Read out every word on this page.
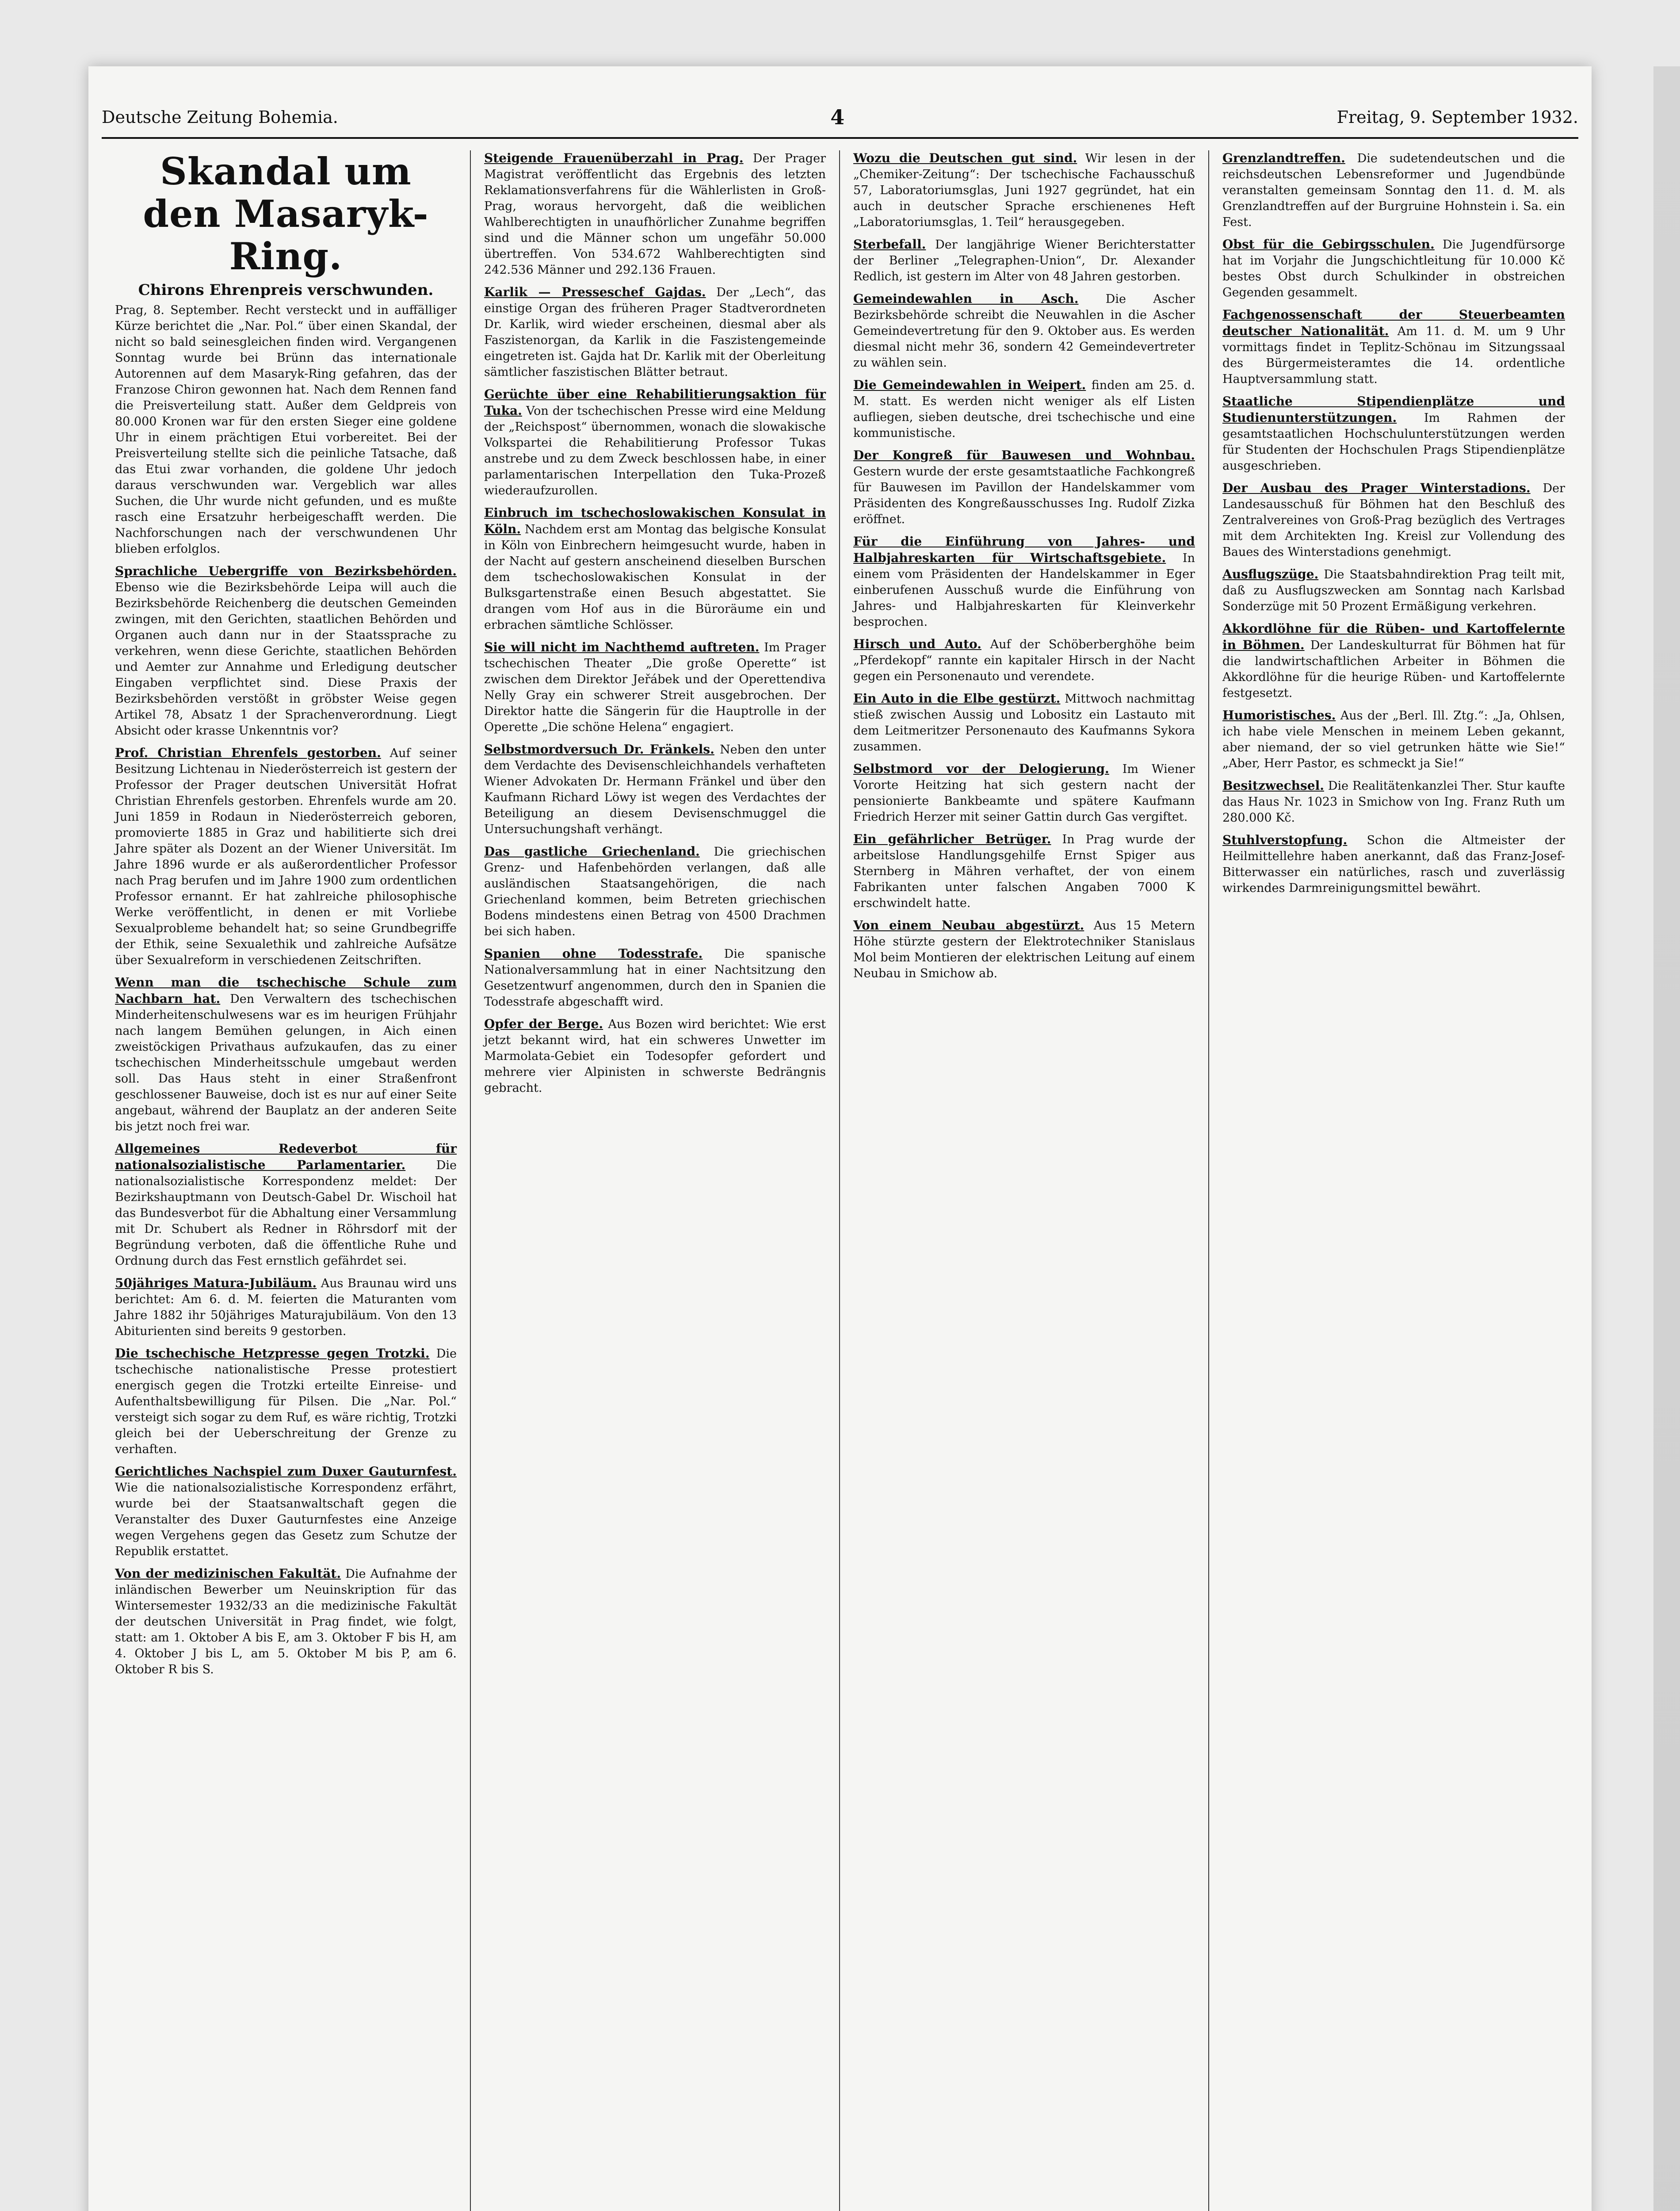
Deutsche Zeitung Bohemia.	4	Freitag, 9. September 1932.
Skandal um den Masaryk-Ring.
Chirons Ehrenpreis verschwunden.

Prag, 8. September. Recht versteckt und in auffälliger Kürze berichtet die „Nar. Pol.“ über einen Skandal, der nicht so bald seinesgleichen finden wird. Vergangenen Sonntag wurde bei Brünn das internationale Autorennen auf dem Masaryk-Ring gefahren, das der Franzose Chiron gewonnen hat. Nach dem Rennen fand die Preisverteilung statt. Außer dem Geldpreis von 80.000 Kronen war für den ersten Sieger eine goldene Uhr in einem prächtigen Etui vorbereitet. Bei der Preisverteilung stellte sich die peinliche Tatsache, daß das Etui zwar vorhanden, die goldene Uhr jedoch daraus verschwunden war. Vergeblich war alles Suchen, die Uhr wurde nicht gefunden, und es mußte rasch eine Ersatzuhr herbeigeschafft werden. Die Nachforschungen nach der verschwundenen Uhr blieben erfolglos.

Sprachliche Uebergriffe von Bezirksbehörden.

Ebenso wie die Bezirksbehörde Leipa will auch die Bezirksbehörde Reichenberg die deutschen Gemeinden zwingen, mit den Gerichten, staatlichen Behörden und Organen auch dann nur in der Staatssprache zu verkehren, wenn diese Gerichte, staatlichen Behörden und Aemter zur Annahme und Erledigung deutscher Eingaben verpflichtet sind. Diese Praxis der Bezirksbehörden verstößt in gröbster Weise gegen Artikel 78, Absatz 1 der Sprachenverordnung. Liegt Absicht oder krasse Unkenntnis vor?

Prof. Christian Ehrenfels gestorben. Auf seiner Besitzung Lichtenau in Niederösterreich ist gestern der Professor der Prager deutschen Universität Hofrat Christian Ehrenfels gestorben. Ehrenfels wurde am 20. Juni 1859 in Rodaun in Niederösterreich geboren, promovierte 1885 in Graz und habilitierte sich drei Jahre später als Dozent an der Wiener Universität. Im Jahre 1896 wurde er als außerordentlicher Professor nach Prag berufen und im Jahre 1900 zum ordentlichen Professor ernannt. Er hat zahlreiche philosophische Werke veröffentlicht, in denen er mit Vorliebe Sexualprobleme behandelt hat; so seine Grundbegriffe der Ethik, seine Sexualethik und zahlreiche Aufsätze über Sexualreform in verschiedenen Zeitschriften.

Wenn man die tschechische Schule zum Nachbarn hat. Den Verwaltern des tschechischen Minderheitenschulwesens war es im heurigen Frühjahr nach langem Bemühen gelungen, in Aich einen zweistöckigen Privathaus aufzukaufen, das zu einer tschechischen Minderheitsschule umgebaut werden soll. Das Haus steht in einer Straßenfront geschlossener Bauweise, doch ist es nur auf einer Seite angebaut, während der Bauplatz an der anderen Seite bis jetzt noch frei war.

Allgemeines Redeverbot für nationalsozialistische Parlamentarier.	Die nationalsozialistische Korrespondenz meldet: Der Bezirkshauptmann von Deutsch-Gabel Dr. Wischoil hat das Bundesverbot für die Abhaltung einer Versammlung mit Dr. Schubert als Redner in Röhrsdorf mit der Begründung verboten, daß die öffentliche Ruhe und Ordnung durch das Fest ernstlich gefährdet sei.

50jähriges Matura-Jubiläum. Aus Braunau wird uns berichtet: Am 6. d. M. feierten die Maturanten vom Jahre 1882 ihr 50jähriges Maturajubiläum. Von den 13 Abiturienten sind bereits 9 gestorben.

Die tschechische Hetzpresse gegen Trotzki. Die tschechische nationalistische Presse protestiert energisch gegen die Trotzki erteilte Einreise- und Aufenthaltsbewilligung für Pilsen. Die „Nar. Pol.“ versteigt sich sogar zu dem Ruf, es wäre richtig, Trotzki gleich bei der Ueberschreitung der Grenze zu verhaften.

Gerichtliches Nachspiel zum Duxer Gauturnfest.

Wie die nationalsozialistische Korrespondenz erfährt, wurde bei der Staatsanwaltschaft gegen die Veranstalter des Duxer Gauturnfestes eine Anzeige wegen Vergehens gegen das Gesetz zum Schutze der Republik erstattet.

Von der medizinischen Fakultät. Die Aufnahme der inländischen Bewerber um Neuinskription für das Wintersemester 1932/33 an die medizinische Fakultät der deutschen Universität in Prag findet, wie folgt, statt: am 1. Oktober A bis E, am 3. Oktober F bis H, am 4. Oktober J bis L, am 5. Oktober M bis P, am 6. Oktober R bis S.

Steigende Frauenüberzahl in Prag. Der Prager Magistrat veröffentlicht das Ergebnis des letzten Reklamationsverfahrens für die Wählerlisten in Groß-Prag, woraus hervorgeht, daß die weiblichen Wahlberechtigten in unaufhörlicher Zunahme begriffen sind und die Männer schon um ungefähr 50.000 übertreffen. Von 534.672 Wahlberechtigten sind 242.536 Männer und 292.136 Frauen.

Karlik — Presseschef Gajdas. Der „Lech“, das einstige Organ des früheren Prager Stadtverordneten Dr. Karlik, wird wieder erscheinen, diesmal aber als Faszistenorgan, da Karlik in die Faszistengemeinde eingetreten ist. Gajda hat Dr. Karlik mit der Oberleitung sämtlicher faszistischen Blätter betraut.

Gerüchte über eine Rehabilitierungsaktion für Tuka. Von der tschechischen Presse wird eine Meldung der „Reichspost“ übernommen, wonach die slowakische Volkspartei die Rehabilitierung Professor Tukas anstrebe und zu dem Zweck beschlossen habe, in einer parlamentarischen Interpellation den Tuka-Prozeß wiederaufzurollen.

Einbruch im tschechoslowakischen Konsulat in Köln. Nachdem erst am Montag das belgische Konsulat in Köln von Einbrechern heimgesucht wurde, haben in der Nacht auf gestern anscheinend dieselben Burschen dem tschechoslowakischen Konsulat in der Bulksgartenstraße einen Besuch abgestattet. Sie drangen vom Hof aus in die Büroräume ein und erbrachen sämtliche Schlösser.

Sie will nicht im Nachthemd auftreten. Im Prager tschechischen Theater „Die große Operette“ ist zwischen dem Direktor Jeřábek und der Operettendiva Nelly Gray ein schwerer Streit ausgebrochen. Der Direktor hatte die Sängerin für die Hauptrolle in der Operette „Die schöne Helena“ engagiert.

Selbstmordversuch Dr. Fränkels. Neben den unter dem Verdachte des Devisenschleichhandels verhafteten Wiener Advokaten Dr. Hermann Fränkel und über den Kaufmann Richard Löwy ist wegen des Verdachtes der Beteiligung an diesem Devisenschmuggel die Untersuchungshaft verhängt.

Das gastliche Griechenland. Die griechischen Grenz- und Hafenbehörden verlangen, daß alle ausländischen Staatsangehörigen, die nach Griechenland kommen, beim Betreten griechischen Bodens mindestens einen Betrag von 4500 Drachmen bei sich haben.

Spanien ohne Todesstrafe. Die spanische Nationalversammlung hat in einer Nachtsitzung den Gesetzentwurf angenommen, durch den in Spanien die Todesstrafe abgeschafft wird.

Opfer der Berge. Aus Bozen wird berichtet: Wie erst jetzt bekannt wird, hat ein schweres Unwetter im Marmolata-Gebiet ein Todesopfer gefordert und mehrere vier Alpinisten in schwerste Bedrängnis gebracht.

Wozu die Deutschen gut sind. Wir lesen in der „Chemiker-Zeitung“: Der tschechische Fachausschuß 57, Laboratoriumsglas, Juni 1927 gegründet, hat ein auch in deutscher Sprache erschienenes Heft „Laboratoriumsglas, 1. Teil“ herausgegeben.

Sterbefall. Der langjährige Wiener Berichterstatter der Berliner „Telegraphen-Union“, Dr. Alexander Redlich, ist gestern im Alter von 48 Jahren gestorben.

Gemeindewahlen in Asch. Die Ascher Bezirksbehörde schreibt die Neuwahlen in die Ascher Gemeindevertretung für den 9. Oktober aus. Es werden diesmal nicht mehr 36, sondern 42 Gemeindevertreter zu wählen sein.

Die Gemeindewahlen in Weipert. finden am 25. d. M. statt. Es werden nicht weniger als elf Listen aufliegen, sieben deutsche, drei tschechische und eine kommunistische.

Der Kongreß für Bauwesen und Wohnbau.

Gestern wurde der erste gesamtstaatliche Fachkongreß für Bauwesen im Pavillon der Handelskammer vom Präsidenten des Kongreßausschusses Ing. Rudolf Zizka eröffnet.

Für die Einführung von Jahres- und Halbjahreskarten für Wirtschaftsgebiete. In einem vom Präsidenten der Handelskammer in Eger einberufenen Ausschuß wurde die Einführung von Jahres- und Halbjahreskarten für Kleinverkehr besprochen.

Hirsch und Auto. Auf der Schöberberghöhe beim „Pferdekopf“ rannte ein kapitaler Hirsch in der Nacht gegen ein Personenauto und verendete.

Ein Auto in die Elbe gestürzt. Mittwoch nachmittag stieß zwischen Aussig und Lobositz ein Lastauto mit dem Leitmeritzer Personenauto des Kaufmanns Sykora zusammen.

Selbstmord vor der Delogierung. Im Wiener Vororte Heitzing hat sich gestern nacht der pensionierte Bankbeamte und spätere Kaufmann Friedrich Herzer mit seiner Gattin durch Gas vergiftet.

Ein gefährlicher Betrüger. In Prag wurde der arbeitslose Handlungsgehilfe Ernst Spiger aus Sternberg in Mähren verhaftet, der von einem Fabrikanten unter falschen Angaben 7000 K erschwindelt hatte.

Von einem Neubau abgestürzt. Aus 15 Metern Höhe stürzte gestern der Elektrotechniker Stanislaus Mol beim Montieren der elektrischen Leitung auf einem Neubau in Smichow ab.

Grenzlandtreffen. Die sudetendeutschen und die reichsdeutschen Lebensreformer und Jugendbünde veranstalten gemeinsam Sonntag den 11. d. M. als Grenzlandtreffen auf der Burgruine Hohnstein i. Sa. ein Fest.

Obst für die Gebirgsschulen. Die Jugendfürsorge hat im Vorjahr die Jungschichtleitung für 10.000 Kč bestes Obst durch Schulkinder in obstreichen Gegenden gesammelt.

Fachgenossenschaft der Steuerbeamten deutscher Nationalität. Am 11. d. M. um 9 Uhr vormittags findet in Teplitz-Schönau im Sitzungssaal des Bürgermeisteramtes die 14. ordentliche Hauptversammlung statt.

Staatliche Stipendienplätze und Studienunterstützungen. Im Rahmen der gesamtstaatlichen Hochschulunterstützungen werden für Studenten der Hochschulen Prags Stipendienplätze ausgeschrieben.

Der Ausbau des Prager Winterstadions. Der Landesausschuß für Böhmen hat den Beschluß des Zentralvereines von Groß-Prag bezüglich des Vertrages mit dem Architekten Ing. Kreisl zur Vollendung des Baues des Winterstadions genehmigt.

Ausflugszüge. Die Staatsbahndirektion Prag teilt mit, daß zu Ausflugszwecken am Sonntag nach Karlsbad Sonderzüge mit 50 Prozent Ermäßigung verkehren.

Akkordlöhne für die Rüben- und Kartoffelernte in Böhmen. Der Landeskulturrat für Böhmen hat für die landwirtschaftlichen Arbeiter in Böhmen die Akkordlöhne für die heurige Rüben- und Kartoffelernte festgesetzt.

Humoristisches. Aus der „Berl. Ill. Ztg.“: „Ja, Ohlsen, ich habe viele Menschen in meinem Leben gekannt, aber niemand, der so viel getrunken hätte wie Sie!“ „Aber, Herr Pastor, es schmeckt ja Sie!“

Besitzwechsel. Die Realitätenkanzlei Ther. Stur kaufte das Haus Nr. 1023 in Smichow von Ing. Franz Ruth um 280.000 Kč.

Stuhlverstopfung. Schon die Altmeister der Heilmittellehre haben anerkannt, daß das Franz-Josef-Bitterwasser ein natürliches, rasch und zuverlässig wirkendes Darmreinigungsmittel bewährt.
